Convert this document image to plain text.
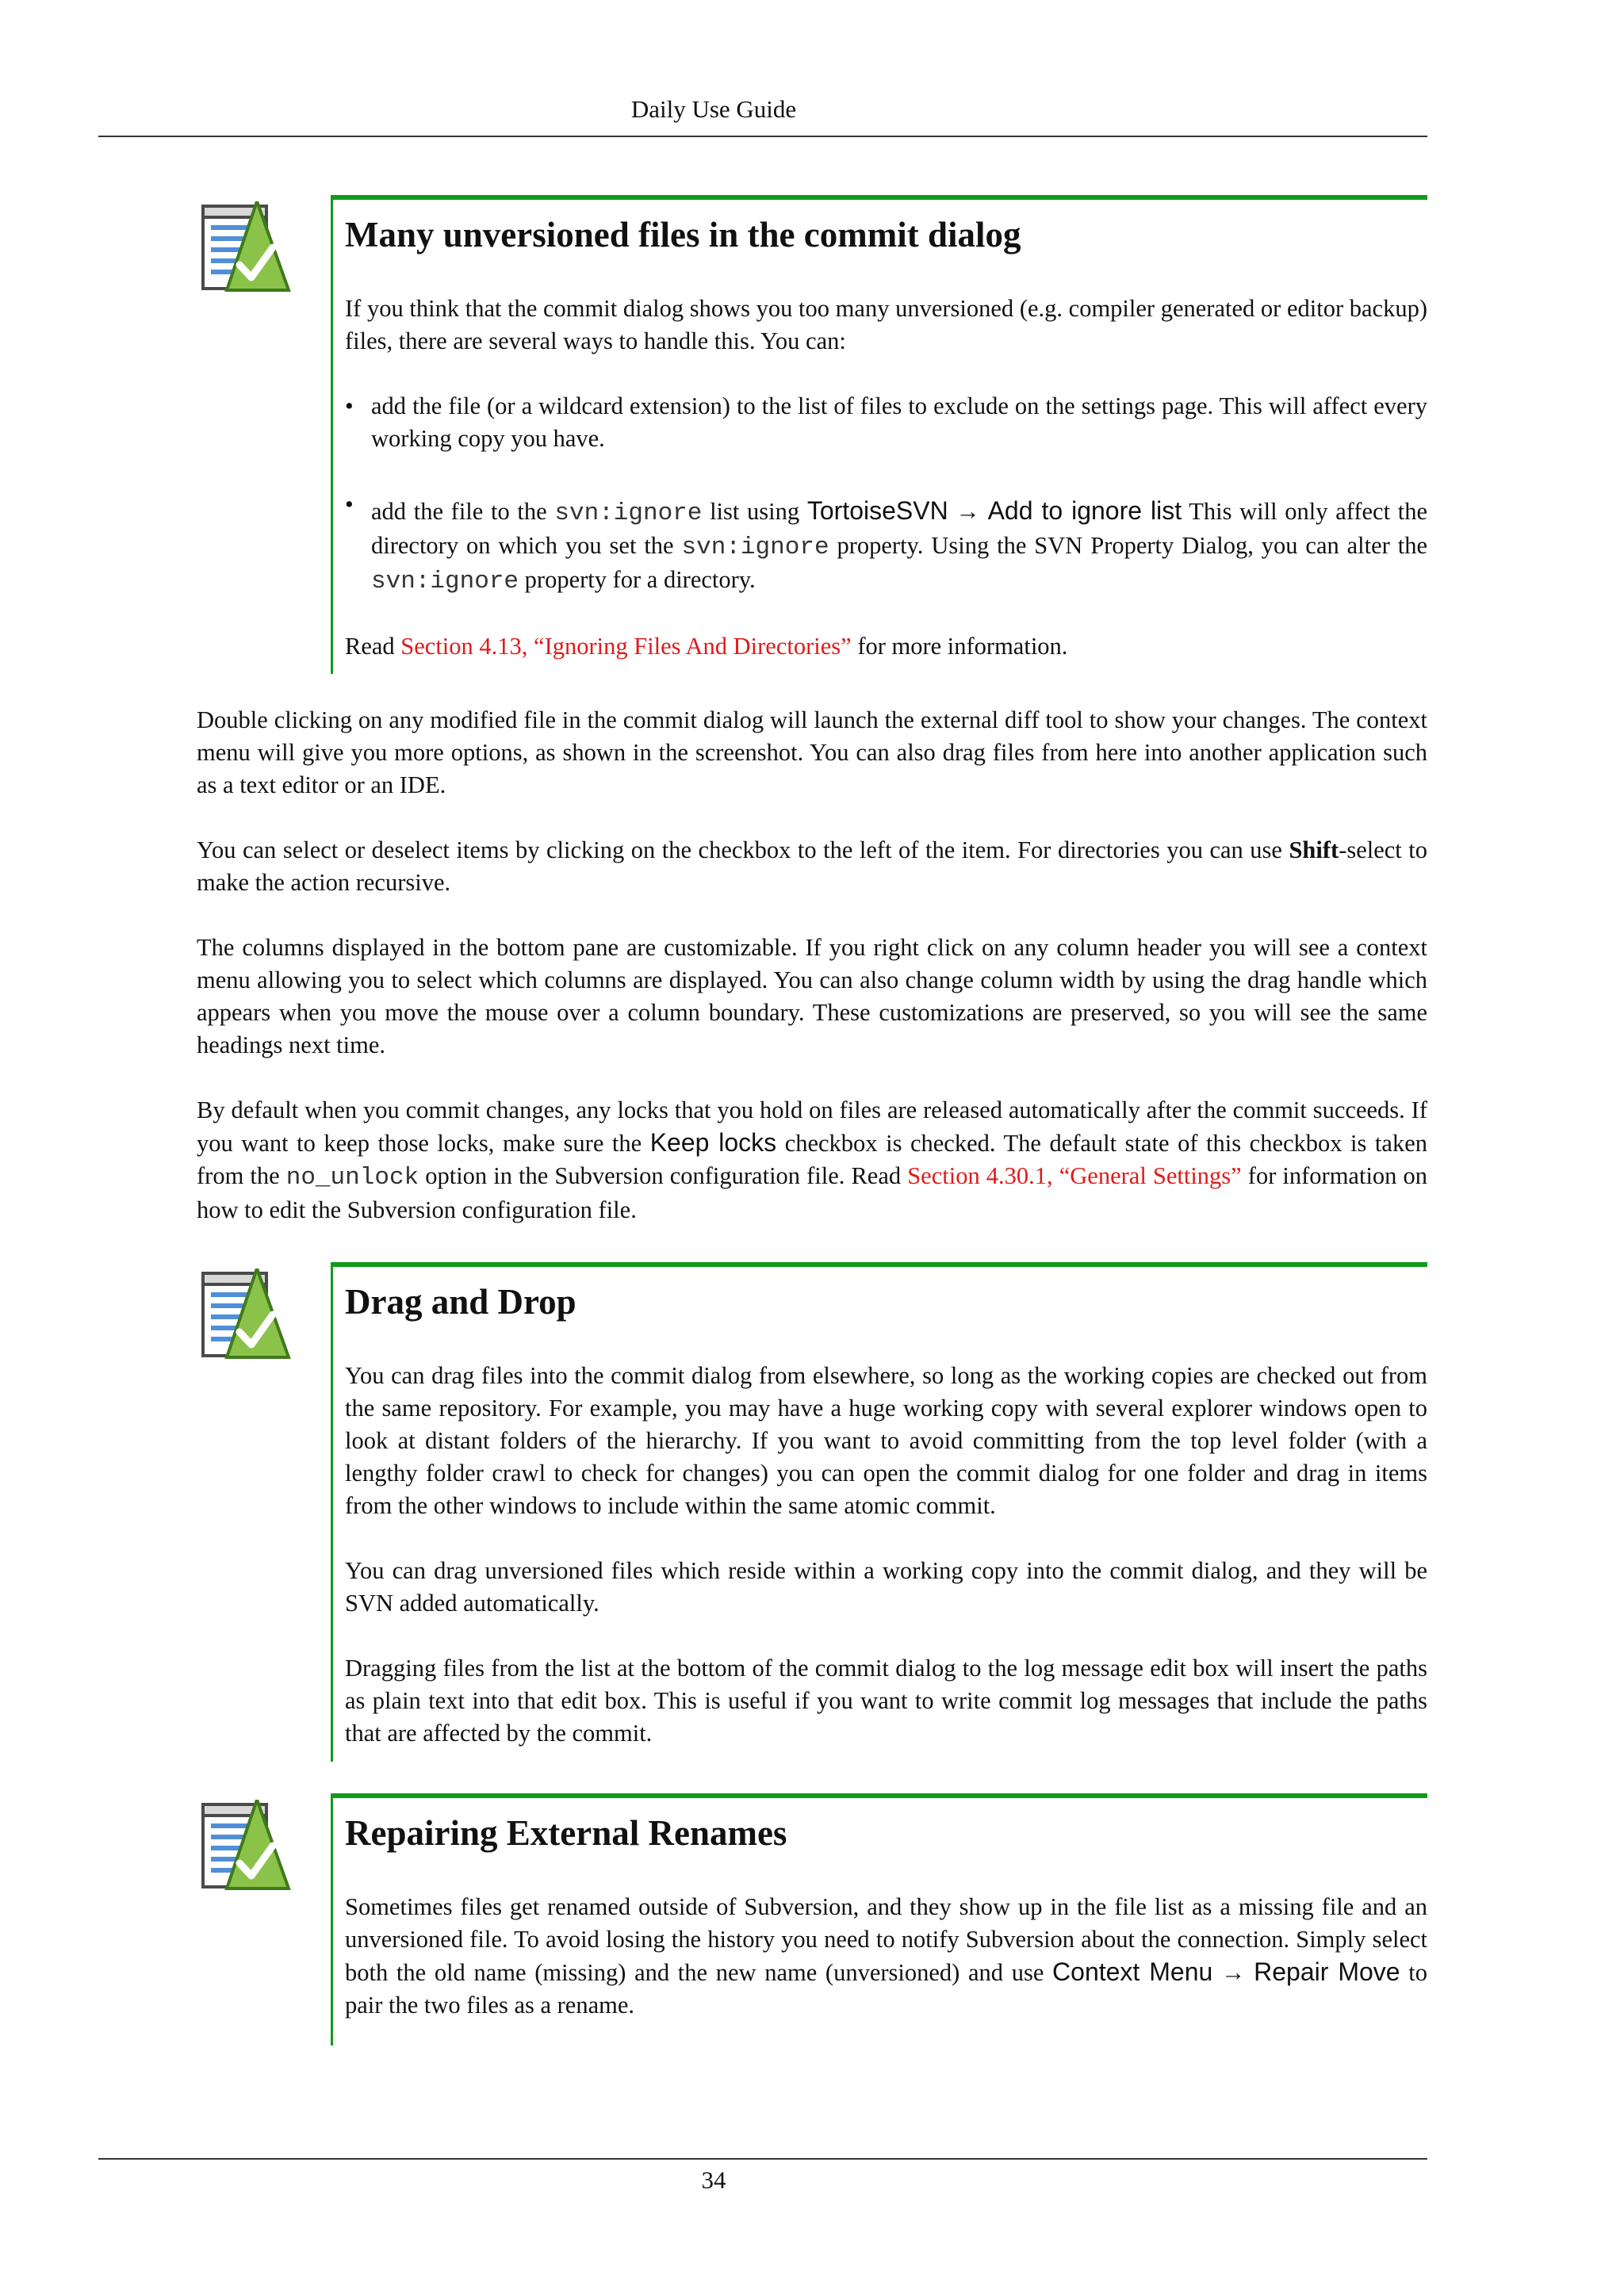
Daily Use Guide
Many unversioned files in the commit dialog

If you think that the commit dialog shows you too many unversioned (e.g. compiler generated or editor backup) files, there are several ways to handle this. You can:

• add the file (or a wildcard extension) to the list of files to exclude on the settings page. This will affect every working copy you have.

• add the file to the svn:ignore list using TortoiseSVN → Add to ignore list This will only affect the directory on which you set the svn:ignore property. Using the SVN Property Dialog, you can alter the svn:ignore property for a directory.

Read Section 4.13, “Ignoring Files And Directories” for more information.

Double clicking on any modified file in the commit dialog will launch the external diff tool to show your changes. The context menu will give you more options, as shown in the screenshot. You can also drag files from here into another application such as a text editor or an IDE.

You can select or deselect items by clicking on the checkbox to the left of the item. For directories you can use Shift-select to make the action recursive.

The columns displayed in the bottom pane are customizable. If you right click on any column header you will see a context menu allowing you to select which columns are displayed. You can also change column width by using the drag handle which appears when you move the mouse over a column boundary. These customizations are preserved, so you will see the same headings next time.

By default when you commit changes, any locks that you hold on files are released automatically after the commit succeeds. If you want to keep those locks, make sure the Keep locks checkbox is checked. The default state of this checkbox is taken from the no_unlock option in the Subversion configuration file. Read Section 4.30.1, “General Settings” for information on how to edit the Subversion configuration file.

Drag and Drop

You can drag files into the commit dialog from elsewhere, so long as the working copies are checked out from the same repository. For example, you may have a huge working copy with several explorer windows open to look at distant folders of the hierarchy. If you want to avoid committing from the top level folder (with a lengthy folder crawl to check for changes) you can open the commit dialog for one folder and drag in items from the other windows to include within the same atomic commit.

You can drag unversioned files which reside within a working copy into the commit dialog, and they will be SVN added automatically.

Dragging files from the list at the bottom of the commit dialog to the log message edit box will insert the paths as plain text into that edit box. This is useful if you want to write commit log messages that include the paths that are affected by the commit.

Repairing External Renames

Sometimes files get renamed outside of Subversion, and they show up in the file list as a missing file and an unversioned file. To avoid losing the history you need to notify Subversion about the connection. Simply select both the old name (missing) and the new name (unversioned) and use Context Menu → Repair Move to pair the two files as a rename.

34
